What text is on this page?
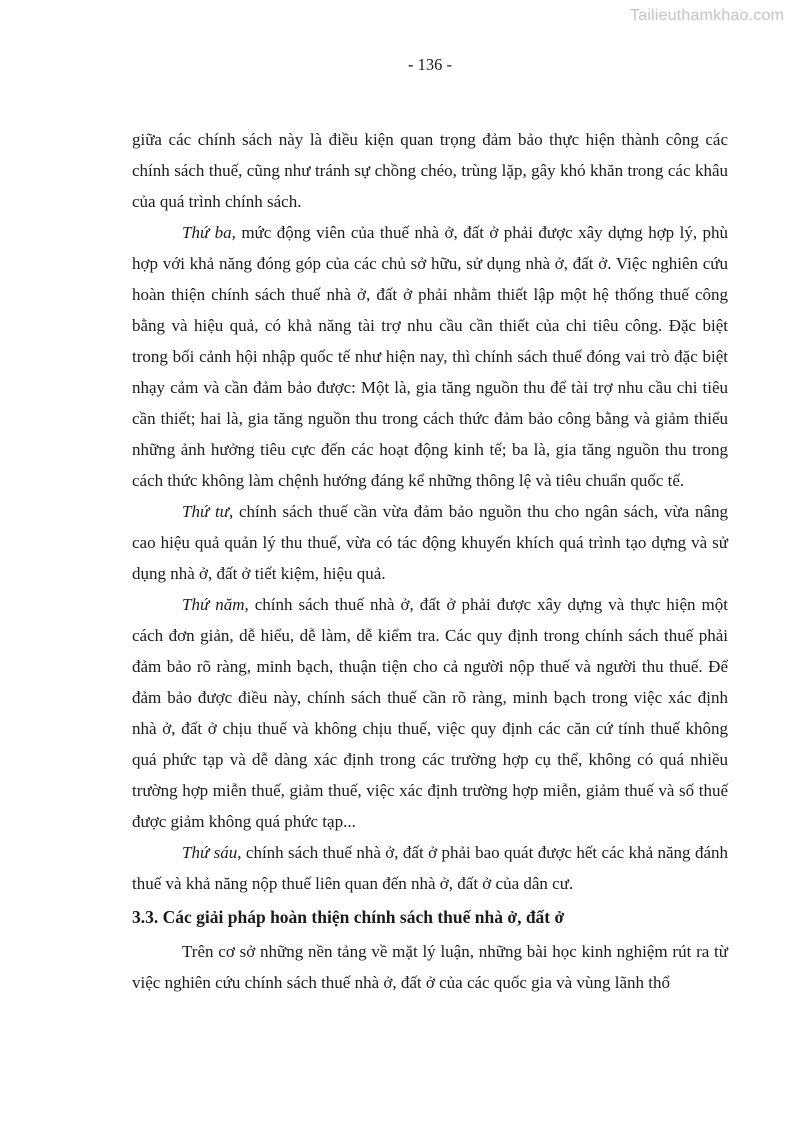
Tailieuthamkhao.com
- 136 -

giữa các chính sách này là điều kiện quan trọng đảm bảo thực hiện thành công các chính sách thuế, cũng như tránh sự chồng chéo, trùng lặp, gây khó khăn trong các khâu của quá trình chính sách.

Thứ ba, mức động viên của thuế nhà ở, đất ở phải được xây dựng hợp lý, phù hợp với khả năng đóng góp của các chủ sở hữu, sử dụng nhà ở, đất ở. Việc nghiên cứu hoàn thiện chính sách thuế nhà ở, đất ở phải nhằm thiết lập một hệ thống thuế công bằng và hiệu quả, có khả năng tài trợ nhu cầu cần thiết của chi tiêu công. Đặc biệt trong bối cảnh hội nhập quốc tế như hiện nay, thì chính sách thuế đóng vai trò đặc biệt nhạy cảm và cần đảm bảo được: Một là, gia tăng nguồn thu để tài trợ nhu cầu chi tiêu cần thiết; hai là, gia tăng nguồn thu trong cách thức đảm bảo công bằng và giảm thiểu những ảnh hưởng tiêu cực đến các hoạt động kinh tế; ba là, gia tăng nguồn thu trong cách thức không làm chệnh hướng đáng kể những thông lệ và tiêu chuẩn quốc tế.

Thứ tư, chính sách thuế cần vừa đảm bảo nguồn thu cho ngân sách, vừa nâng cao hiệu quả quản lý thu thuế, vừa có tác động khuyến khích quá trình tạo dựng và sử dụng nhà ở, đất ở tiết kiệm, hiệu quả.

Thứ năm, chính sách thuế nhà ở, đất ở phải được xây dựng và thực hiện một cách đơn giản, dễ hiểu, dễ làm, dễ kiểm tra. Các quy định trong chính sách thuế phải đảm bảo rõ ràng, minh bạch, thuận tiện cho cả người nộp thuế và người thu thuế. Để đảm bảo được điều này, chính sách thuế cần rõ ràng, minh bạch trong việc xác định nhà ở, đất ở chịu thuế và không chịu thuế, việc quy định các căn cứ tính thuế không quá phức tạp và dễ dàng xác định trong các trường hợp cụ thể, không có quá nhiều trường hợp miễn thuế, giảm thuế, việc xác định trường hợp miễn, giảm thuế và số thuế được giảm không quá phức tạp...

Thứ sáu, chính sách thuế nhà ở, đất ở phải bao quát được hết các khả năng đánh thuế và khả năng nộp thuế liên quan đến nhà ở, đất ở của dân cư.

3.3. Các giải pháp hoàn thiện chính sách thuế nhà ở, đất ở

Trên cơ sở những nền tảng về mặt lý luận, những bài học kinh nghiệm rút ra từ việc nghiên cứu chính sách thuế nhà ở, đất ở của các quốc gia và vùng lãnh thổ
